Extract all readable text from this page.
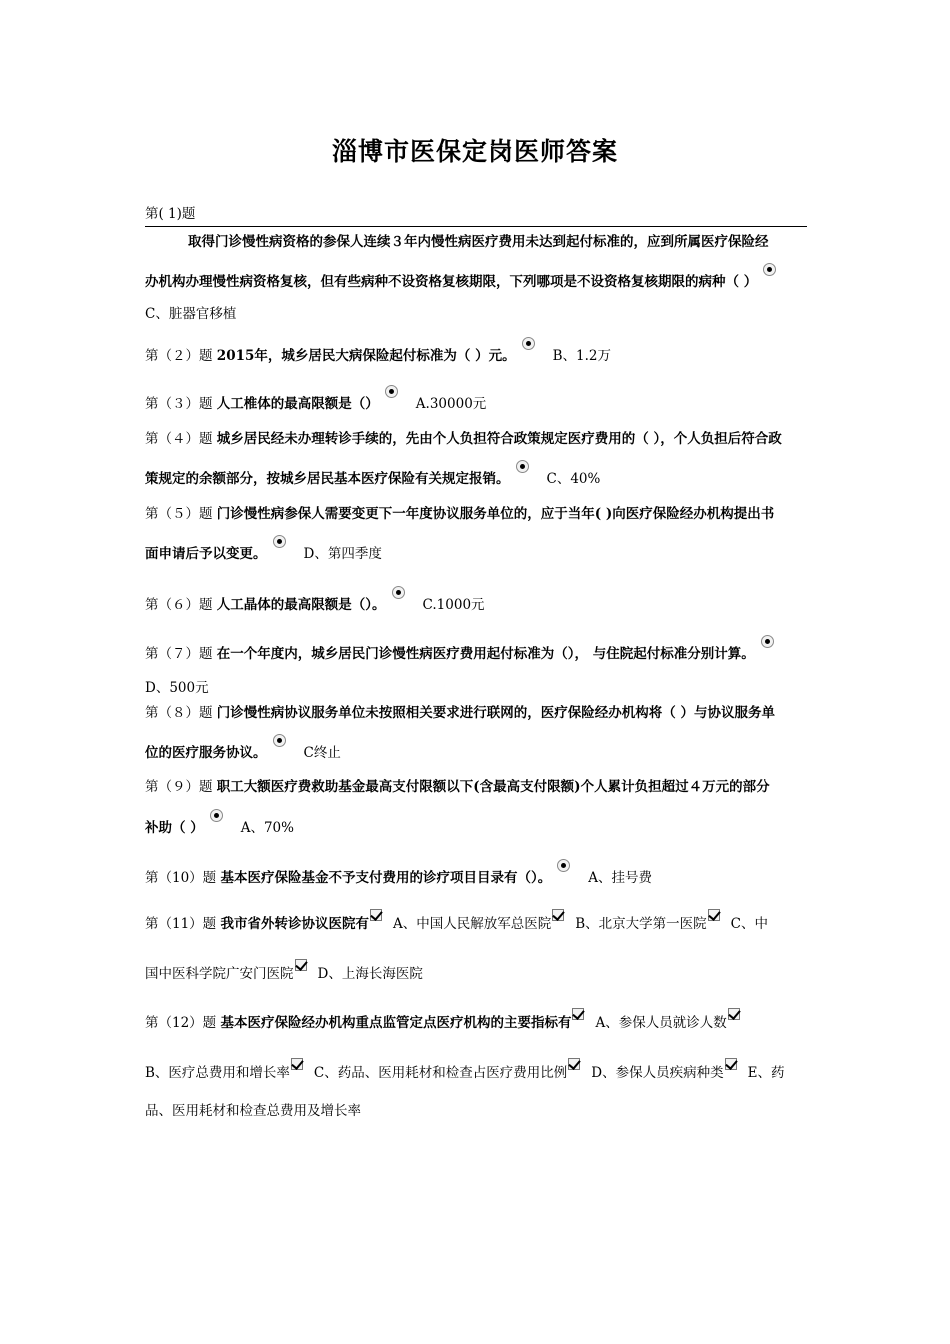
淄博市医保定岗医师答案
第( 1)题
取得门诊慢性病资格的参保人连续３年内慢性病医疗费用未达到起付标准的，应到所属医疗保险经
办机构办理慢性病资格复核，但有些病种不设资格复核期限，下列哪项是不设资格复核期限的病种（ ）
C、脏器官移植
第（２）题 2015年，城乡居民大病保险起付标准为（ ）元。	B、1.2万
第（３）题 人工椎体的最高限额是（）	A.30000元
第（４）题 城乡居民经未办理转诊手续的，先由个人负担符合政策规定医疗费用的（ ），个人负担后符合政
策规定的余额部分，按城乡居民基本医疗保险有关规定报销。	C、40%
第（５）题 门诊慢性病参保人需要变更下一年度协议服务单位的，应于当年( )向医疗保险经办机构提出书
面申请后予以变更。	D、第四季度
第（６）题 人工晶体的最高限额是（）。	C.1000元
第（７）题 在一个年度内，城乡居民门诊慢性病医疗费用起付标准为（）， 与住院起付标准分别计算。
D、500元
第（８）题 门诊慢性病协议服务单位未按照相关要求进行联网的，医疗保险经办机构将（ ）与协议服务单
位的医疗服务协议。	C终止
第（９）题 职工大额医疗费救助基金最高支付限额以下(含最高支付限额)个人累计负担超过４万元的部分
补助（ ）	A、70%
第（10）题 基本医疗保险基金不予支付费用的诊疗项目目录有（）。	A、挂号费
第（11）题 我市省外转诊协议医院有 A、中国人民解放军总医院 B、北京大学第一医院 C、中
国中医科学院广安门医院 D、上海长海医院
第（12）题 基本医疗保险经办机构重点监管定点医疗机构的主要指标有 A、参保人员就诊人数
B、医疗总费用和增长率 C、药品、医用耗材和检查占医疗费用比例 D、参保人员疾病种类 E、药
品、医用耗材和检查总费用及增长率
